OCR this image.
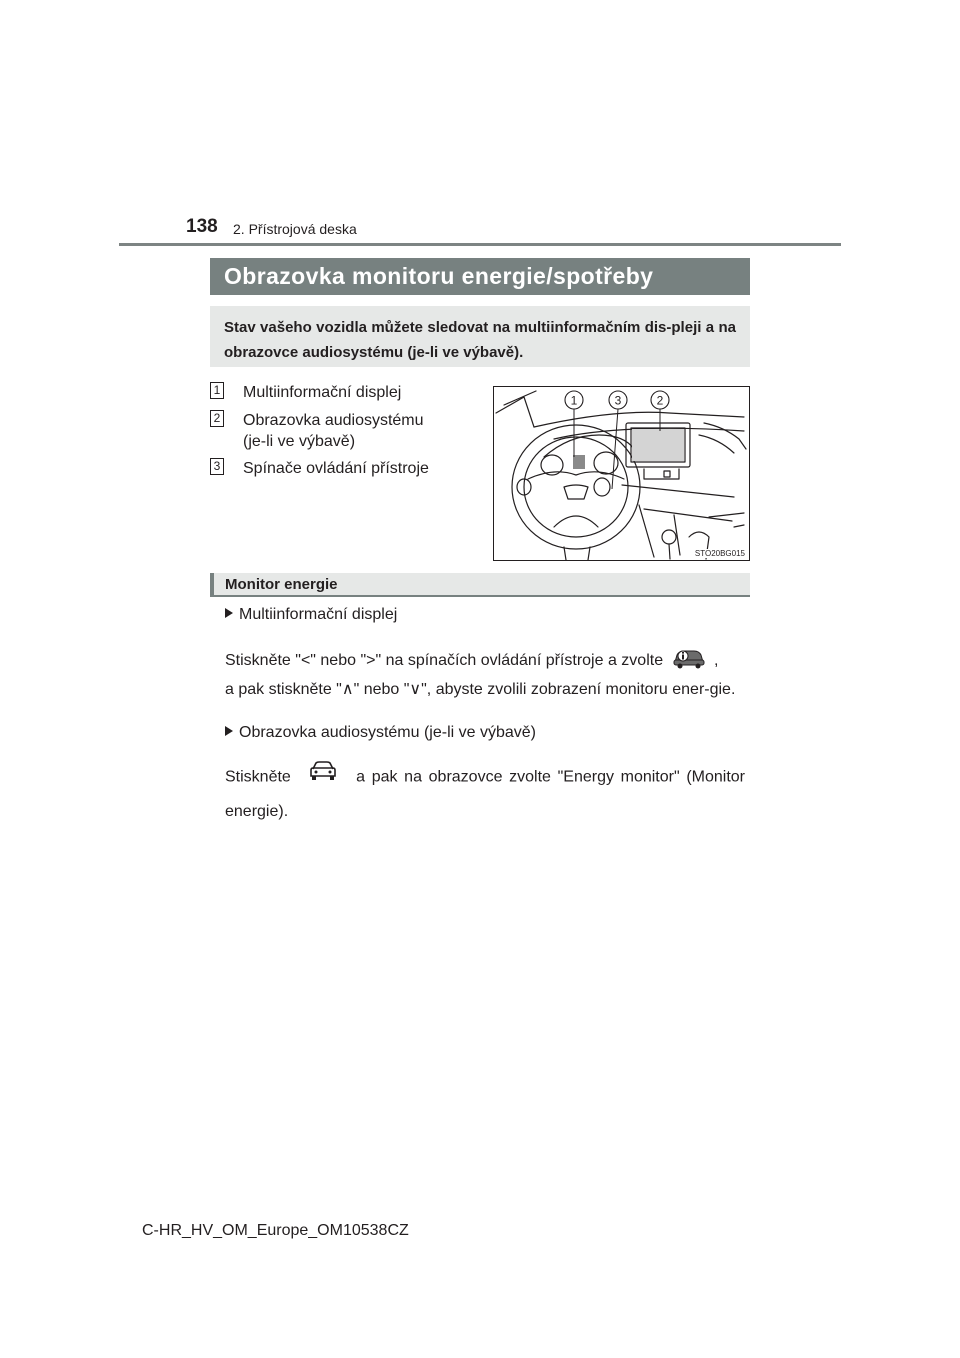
138 2. Přístrojová deska
Obrazovka monitoru energie/spotřeby
Stav vašeho vozidla můžete sledovat na multiinformačním dis-pleji a na obrazovce audiosystému (je-li ve výbavě).
1 Multiinformační displej
2 Obrazovka audiosystému
(je-li ve výbavě)
3 Spínače ovládání přístroje
1	3	2
STO20BG015
Monitor energie
Multiinformační displej
Stiskněte "<" nebo ">" na spínačích ovládání přístroje a zvolte	,
a pak stiskněte "∧" nebo "∨", abyste zvolili zobrazení monitoru ener-gie.
Obrazovka audiosystému (je-li ve výbavě)
Stiskněte	a pak na obrazovce zvolte "Energy monitor" (Monitor energie).
C-HR_HV_OM_Europe_OM10538CZ
